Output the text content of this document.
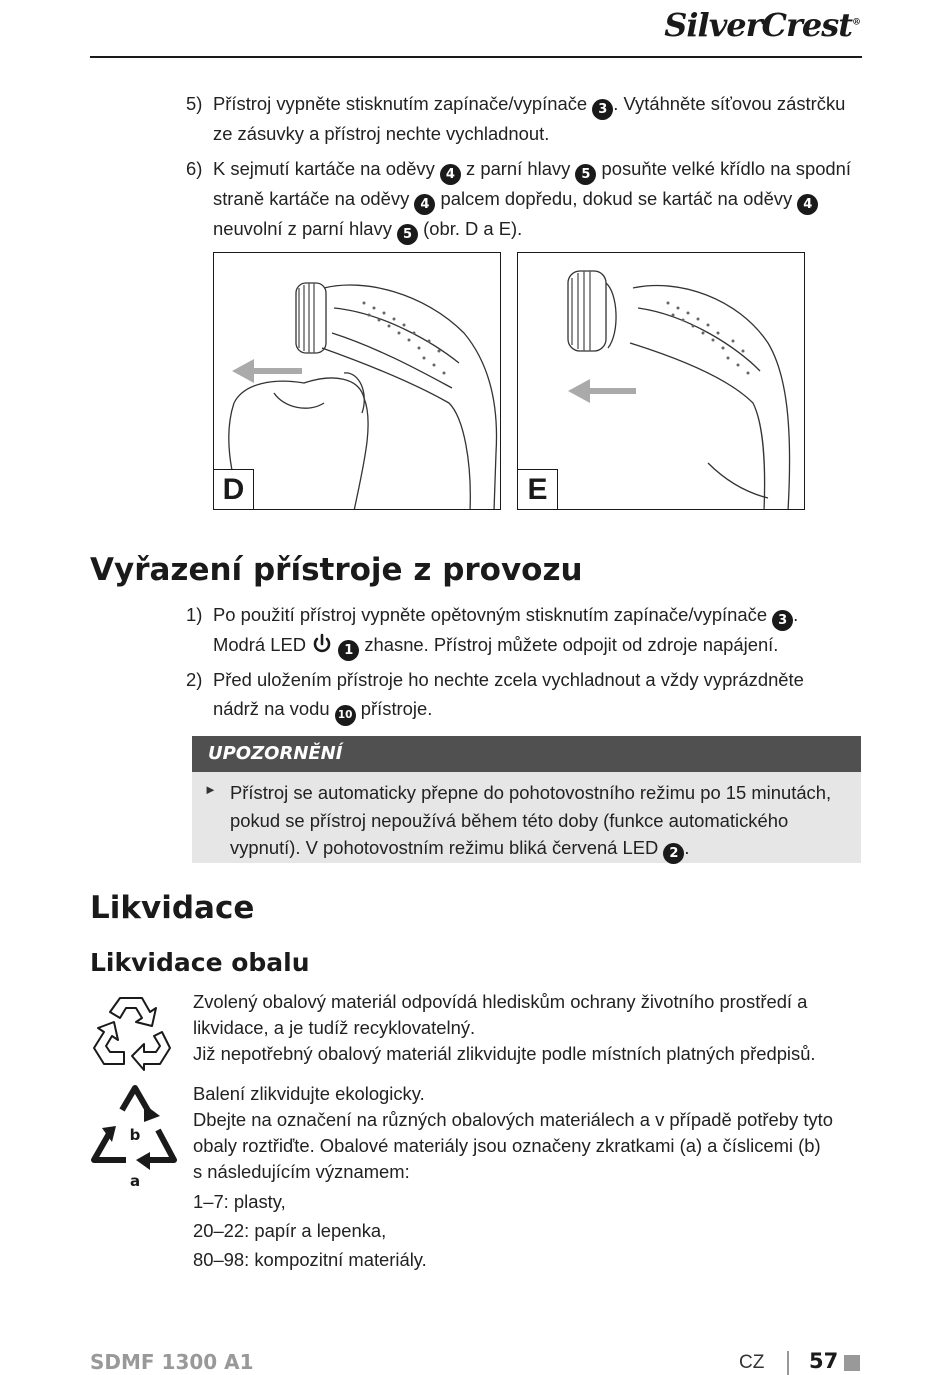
SilverCrest®
5) Přístroj vypněte stisknutím zapínače/vypínače 3 . Vytáhněte síťovou zástrčku
ze zásuvky a přístroj nechte vychladnout.
6) K sejmutí kartáče na oděvy 4 z parní hlavy 5 posuňte velké křídlo na spodní
straně kartáče na oděvy 4 palcem dopředu, dokud se kartáč na oděvy 4
neuvolní z parní hlavy 5 (obr. D a E).
D	E
Vyřazení přístroje z provozu
1) Po použití přístroj vypněte opětovným stisknutím zapínače/vypínače 3 .
Modrá LED	1 zhasne. Přístroj můžete odpojit od zdroje napájení.
2) Před uložením přístroje ho nechte zcela vychladnout a vždy vyprázdněte
nádrž na vodu 10 přístroje.
UPOZORNĚNÍ
► Přístroj se automaticky přepne do pohotovostního režimu po 15 minutách,
pokud se přístroj nepoužívá během této doby (funkce automatického
vypnutí). V pohotovostním režimu bliká červená LED 2 .
Likvidace
Likvidace obalu
Zvolený obalový materiál odpovídá hlediskům ochrany životního prostředí a
likvidace, a je tudíž recyklovatelný.
Již nepotřebný obalový materiál zlikvidujte podle místních platných předpisů.
b
a
Balení zlikvidujte ekologicky.
Dbejte na označení na různých obalových materiálech a v případě potřeby tyto
obaly roztřiďte. Obalové materiály jsou označeny zkratkami (a) a číslicemi (b)
s následujícím významem:
1–7: plasty,
20–22: papír a lepenka,
80–98: kompozitní materiály.
SDMF 1300 A1	CZ 57
